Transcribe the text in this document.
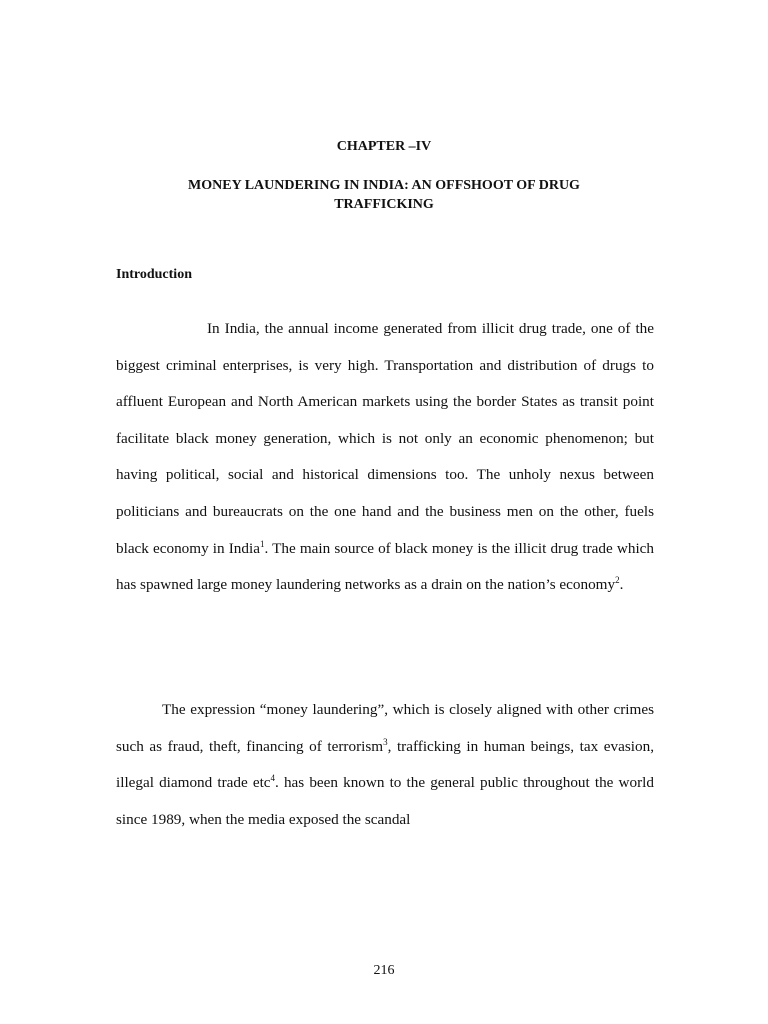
CHAPTER –IV
MONEY LAUNDERING IN INDIA: AN OFFSHOOT OF DRUG TRAFFICKING
Introduction

In India, the annual income generated from illicit drug trade, one of the biggest criminal enterprises, is very high. Transportation and distribution of drugs to affluent European and North American markets using the border States as transit point facilitate black money generation, which is not only an economic phenomenon; but having political, social and historical dimensions too. The unholy nexus between politicians and bureaucrats on the one hand and the business men on the other, fuels black economy in India$^1$. The main source of black money is the illicit drug trade which has spawned large money laundering networks as a drain on the nation’s economy$^2$.

The expression “money laundering”, which is closely aligned with other crimes such as fraud, theft, financing of terrorism$^3$, trafficking in human beings, tax evasion, illegal diamond trade etc$^4$. has been known to the general public throughout the world since 1989, when the media exposed the scandal

216
